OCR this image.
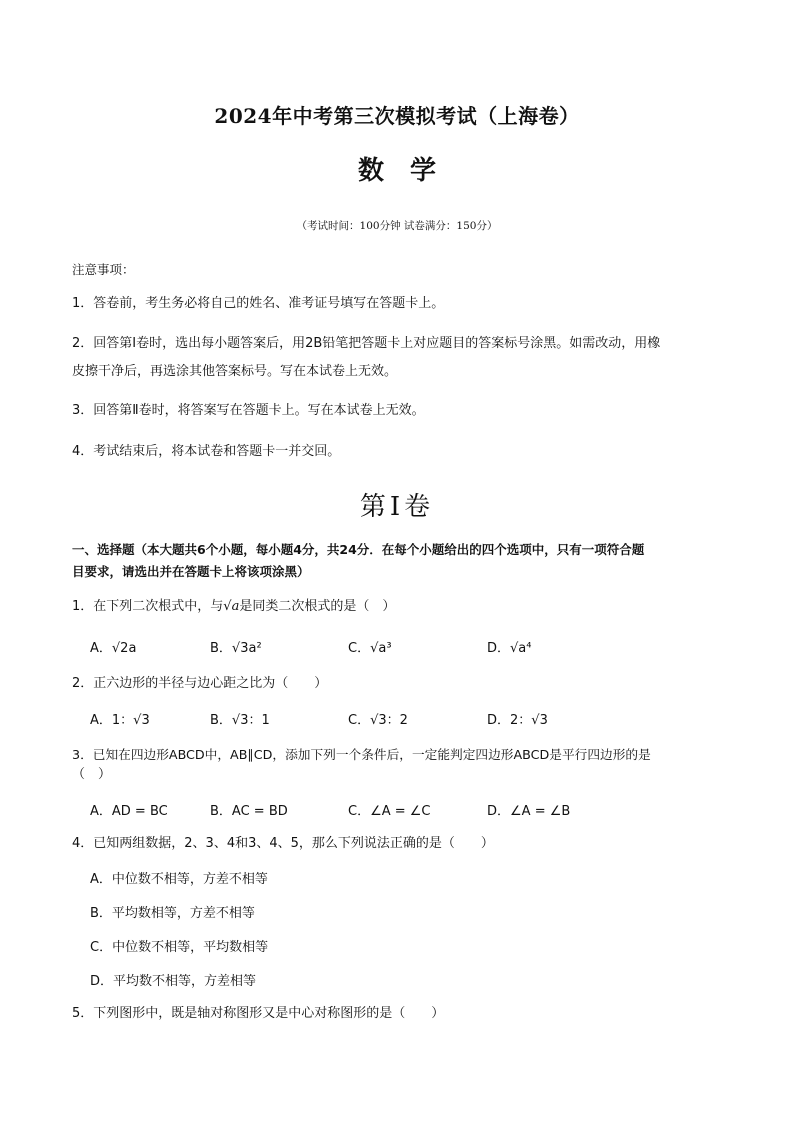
2024年中考第三次模拟考试（上海卷）
数学
（考试时间：100分钟 试卷满分：150分）
注意事项：
1．答卷前，考生务必将自己的姓名、准考证号填写在答题卡上。
2．回答第Ⅰ卷时，选出每小题答案后，用2B铅笔把答题卡上对应题目的答案标号涂黑。如需改动，用橡
皮擦干净后，再选涂其他答案标号。写在本试卷上无效。
3．回答第Ⅱ卷时，将答案写在答题卡上。写在本试卷上无效。
4．考试结束后，将本试卷和答题卡一并交回。
第Ⅰ卷
一、选择题（本大题共6个小题，每小题4分，共24分．在每个小题给出的四个选项中，只有一项符合题
目要求，请选出并在答题卡上将该项涂黑）
1．在下列二次根式中，与√a是同类二次根式的是（　）
A．√2a	B．√3a²	C．√a³	D．√a⁴
2．正六边形的半径与边心距之比为（　　）
A．1：√3	B．√3：1	C．√3：2	D．2：√3
3．已知在四边形ABCD中，AB∥CD，添加下列一个条件后，一定能判定四边形ABCD是平行四边形的是
（　）
A．AD = BC	B．AC = BD	C．∠A = ∠C	D．∠A = ∠B
4．已知两组数据，2、3、4和3、4、5，那么下列说法正确的是（　　）
A．中位数不相等，方差不相等
B．平均数相等，方差不相等
C．中位数不相等，平均数相等
D．平均数不相等，方差相等
5．下列图形中，既是轴对称图形又是中心对称图形的是（　　）
